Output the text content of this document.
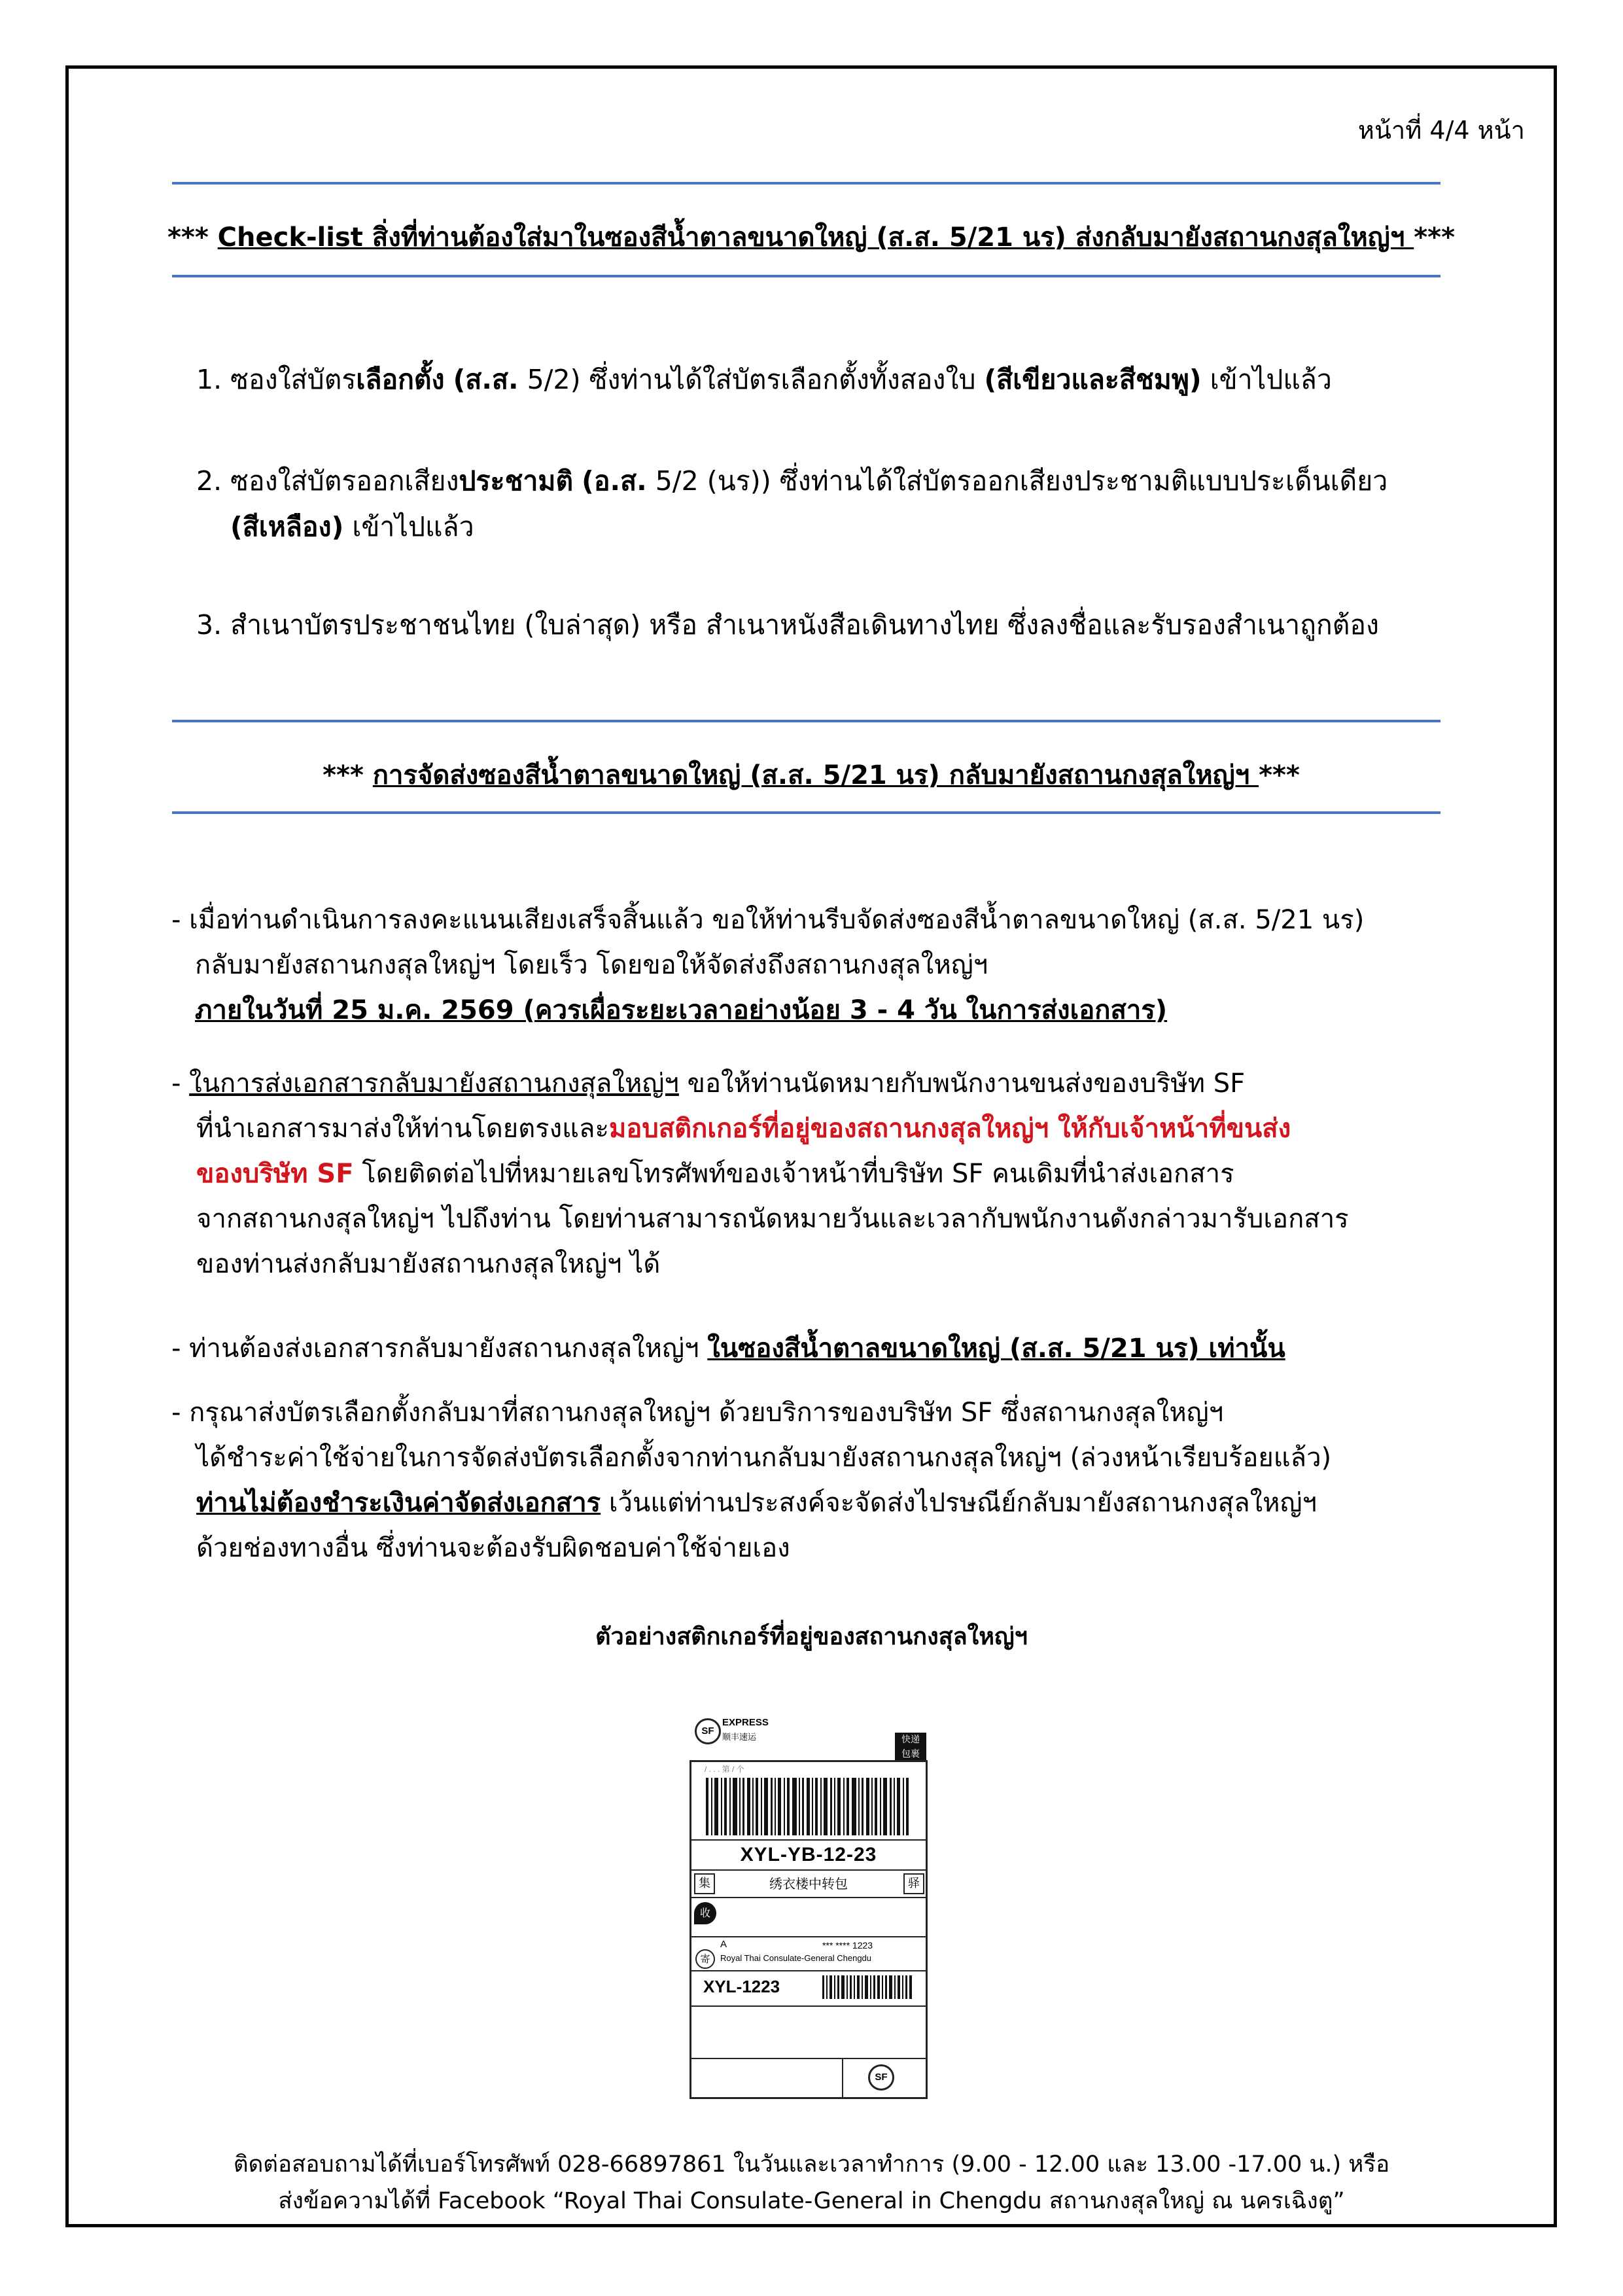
หน้าที่ 4/4 หน้า
*** Check-list สิ่งที่ท่านต้องใส่มาในซองสีน้ำตาลขนาดใหญ่ (ส.ส. 5/21 นร) ส่งกลับมายังสถานกงสุลใหญ่ฯ ***
1. ซองใส่บัตรเลือกตั้ง (ส.ส. 5/2) ซึ่งท่านได้ใส่บัตรเลือกตั้งทั้งสองใบ (สีเขียวและสีชมพู) เข้าไปแล้ว
2. ซองใส่บัตรออกเสียงประชามติ (อ.ส. 5/2 (นร)) ซึ่งท่านได้ใส่บัตรออกเสียงประชามติแบบประเด็นเดียว
(สีเหลือง) เข้าไปแล้ว
3. สำเนาบัตรประชาชนไทย (ใบล่าสุด) หรือ สำเนาหนังสือเดินทางไทย ซึ่งลงชื่อและรับรองสำเนาถูกต้อง
*** การจัดส่งซองสีน้ำตาลขนาดใหญ่ (ส.ส. 5/21 นร) กลับมายังสถานกงสุลใหญ่ฯ ***
- เมื่อท่านดำเนินการลงคะแนนเสียงเสร็จสิ้นแล้ว ขอให้ท่านรีบจัดส่งซองสีน้ำตาลขนาดใหญ่ (ส.ส. 5/21 นร)

กลับมายังสถานกงสุลใหญ่ฯ โดยเร็ว โดยขอให้จัดส่งถึงสถานกงสุลใหญ่ฯ
ภายในวันที่ 25 ม.ค. 2569 (ควรเผื่อระยะเวลาอย่างน้อย 3 - 4 วัน ในการส่งเอกสาร)
- ในการส่งเอกสารกลับมายังสถานกงสุลใหญ่ฯ ขอให้ท่านนัดหมายกับพนักงานขนส่งของบริษัท SF

ที่นำเอกสารมาส่งให้ท่านโดยตรงและมอบสติกเกอร์ที่อยู่ของสถานกงสุลใหญ่ฯ ให้กับเจ้าหน้าที่ขนส่ง
ของบริษัท SF โดยติดต่อไปที่หมายเลขโทรศัพท์ของเจ้าหน้าที่บริษัท SF คนเดิมที่นำส่งเอกสาร
จากสถานกงสุลใหญ่ฯ ไปถึงท่าน โดยท่านสามารถนัดหมายวันและเวลากับพนักงานดังกล่าวมารับเอกสาร
ของท่านส่งกลับมายังสถานกงสุลใหญ่ฯ ได้
- ท่านต้องส่งเอกสารกลับมายังสถานกงสุลใหญ่ฯ ในซองสีน้ำตาลขนาดใหญ่ (ส.ส. 5/21 นร) เท่านั้น
- กรุณาส่งบัตรเลือกตั้งกลับมาที่สถานกงสุลใหญ่ฯ ด้วยบริการของบริษัท SF ซึ่งสถานกงสุลใหญ่ฯ

ได้ชำระค่าใช้จ่ายในการจัดส่งบัตรเลือกตั้งจากท่านกลับมายังสถานกงสุลใหญ่ฯ (ล่วงหน้าเรียบร้อยแล้ว)
ท่านไม่ต้องชำระเงินค่าจัดส่งเอกสาร เว้นแต่ท่านประสงค์จะจัดส่งไปรษณีย์กลับมายังสถานกงสุลใหญ่ฯ
ด้วยช่องทางอื่น ซึ่งท่านจะต้องรับผิดชอบค่าใช้จ่ายเอง
ตัวอย่างสติกเกอร์ที่อยู่ของสถานกงสุลใหญ่ฯ
SF
EXPRESS
顺丰速运	快递
包裹
/ . . . 第 / 个
XYL-YB-12-23
集	绣衣楼中转包	驿
收
A	*** **** 1223
寄	Royal Thai Consulate-General Chengdu
XYL-1223
SF
ติดต่อสอบถามได้ที่เบอร์โทรศัพท์ 028-66897861 ในวันและเวลาทำการ (9.00 - 12.00 และ 13.00 -17.00 น.) หรือ
ส่งข้อความได้ที่ Facebook “Royal Thai Consulate-General in Chengdu สถานกงสุลใหญ่ ณ นครเฉิงตู”
